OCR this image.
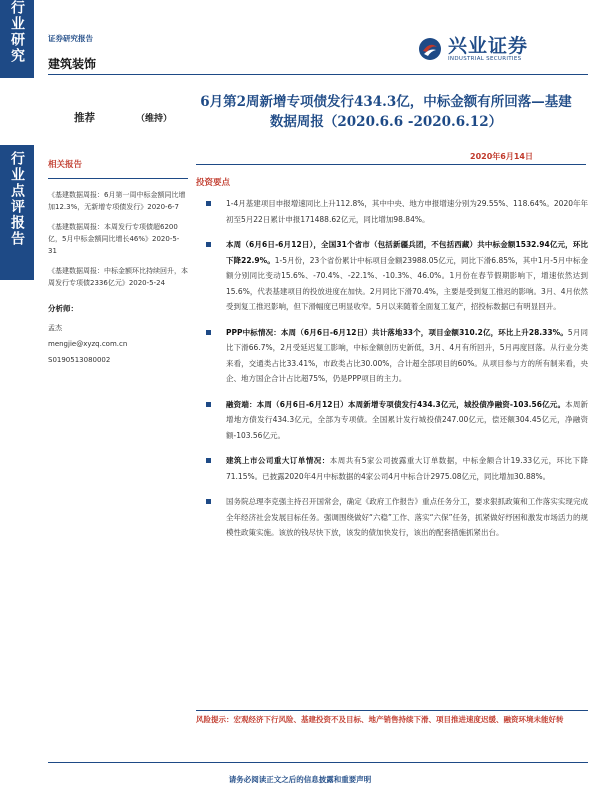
行业研究
行业点评报告
证券研究报告
建筑装饰
兴业证券
INDUSTRIAL SECURITIES
推荐	（维持）
6月第2周新增专项债发行434.3亿，中标金额有所回落—基建数据周报（2020.6.6 -2020.6.12）
2020年6月14日
相关报告
《基建数据周报：6月第一周中标金额同比增加12.3%，无新增专项债发行》2020-6-7
《基建数据周报：本周发行专项债超6200亿，5月中标金额同比增长46%》2020-5-31
《基建数据周报：中标金额环比持续回升，本周发行专项债2336亿元》2020-5-24
分析师：
孟杰
mengjie@xyzq.com.cn
S0190513080002
投资要点
1-4月基建项目申报增速同比上升112.8%，其中中央、地方申报增速分别为29.55%、118.64%。2020年年初至5月22日累计申报171488.62亿元，同比增加98.84%。
本周（6月6日-6月12日），全国31个省市（包括新疆兵团，不包括西藏）共中标金额1532.94亿元，环比下降22.9%。1-5月份，23个省份累计中标项目金额23988.05亿元，同比下滑6.85%，其中1月-5月中标金额分别同比变动15.6%、-70.4%、-22.1%、-10.3%、46.0%。1月份在春节假期影响下，增速依然达到15.6%，代表基建项目的投放进度在加快。2月同比下滑70.4%，主要是受到复工推迟的影响。3月、4月依然受到复工推迟影响，但下滑幅度已明显收窄。5月以来随着全面复工复产，招投标数据已有明显回升。
PPP中标情况：本周（6月6日-6月12日）共计落地33个，项目金额310.2亿，环比上升28.33%。5月同比下滑66.7%，2月受延迟复工影响，中标金额创历史新低，3月、4月有所回升，5月再度回落。从行业分类来看，交通类占比33.41%，市政类占比30.00%，合计超全部项目的60%。从项目参与方的所有制来看，央企、地方国企合计占比超75%，仍是PPP项目的主力。
融资端：本周（6月6日-6月12日）本周新增专项债发行434.3亿元，城投债净融资-103.56亿元。本周新增地方债发行434.3亿元，全部为专项债。全国累计发行城投债247.00亿元，偿还额304.45亿元，净融资额-103.56亿元。
建筑上市公司重大订单情况：本周共有5家公司披露重大订单数据，中标金额合计19.33亿元，环比下降71.15%。已披露2020年4月中标数据的4家公司4月中标合计2975.08亿元，同比增加30.88%。
国务院总理李克强主持召开国常会，确定《政府工作报告》重点任务分工，要求狠抓政策和工作落实实现完成全年经济社会发展目标任务。强调围绕做好“六稳”工作、落实“六保”任务，抓紧做好纾困和激发市场活力的规模性政策实施。该放的钱尽快下放，该发的债加快发行，该出的配套措施抓紧出台。
风险提示：宏观经济下行风险、基建投资不及目标、地产销售持续下滑、项目推进速度迟缓、融资环境未能好转
请务必阅读正文之后的信息披露和重要声明
